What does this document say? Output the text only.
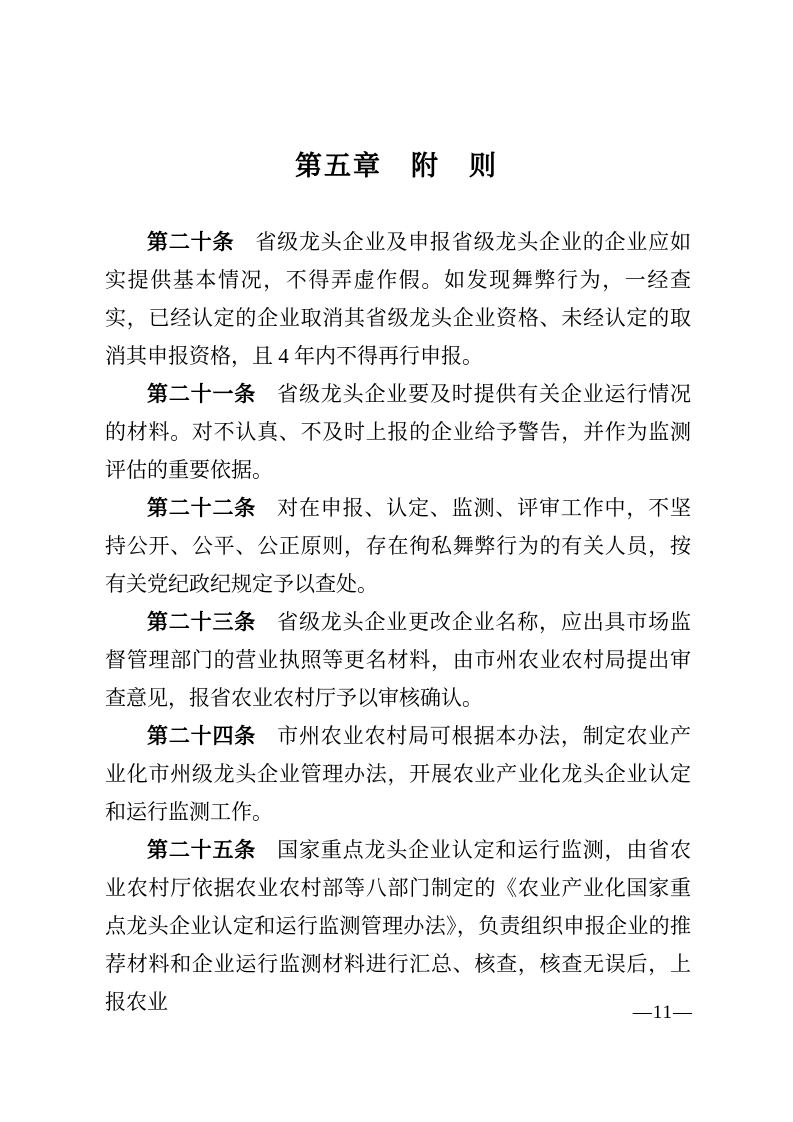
第五章　附　则

第二十条 省级龙头企业及申报省级龙头企业的企业应如实提供基本情况，不得弄虚作假。如发现舞弊行为，一经查实，已经认定的企业取消其省级龙头企业资格、未经认定的取消其申报资格，且 4 年内不得再行申报。

第二十一条 省级龙头企业要及时提供有关企业运行情况的材料。对不认真、不及时上报的企业给予警告，并作为监测评估的重要依据。

第二十二条 对在申报、认定、监测、评审工作中，不坚持公开、公平、公正原则，存在徇私舞弊行为的有关人员，按有关党纪政纪规定予以查处。

第二十三条 省级龙头企业更改企业名称，应出具市场监督管理部门的营业执照等更名材料，由市州农业农村局提出审查意见，报省农业农村厅予以审核确认。

第二十四条 市州农业农村局可根据本办法，制定农业产业化市州级龙头企业管理办法，开展农业产业化龙头企业认定和运行监测工作。

第二十五条 国家重点龙头企业认定和运行监测，由省农业农村厅依据农业农村部等八部门制定的《农业产业化国家重点龙头企业认定和运行监测管理办法》，负责组织申报企业的推荐材料和企业运行监测材料进行汇总、核查，核查无误后，上报农业	—11—
